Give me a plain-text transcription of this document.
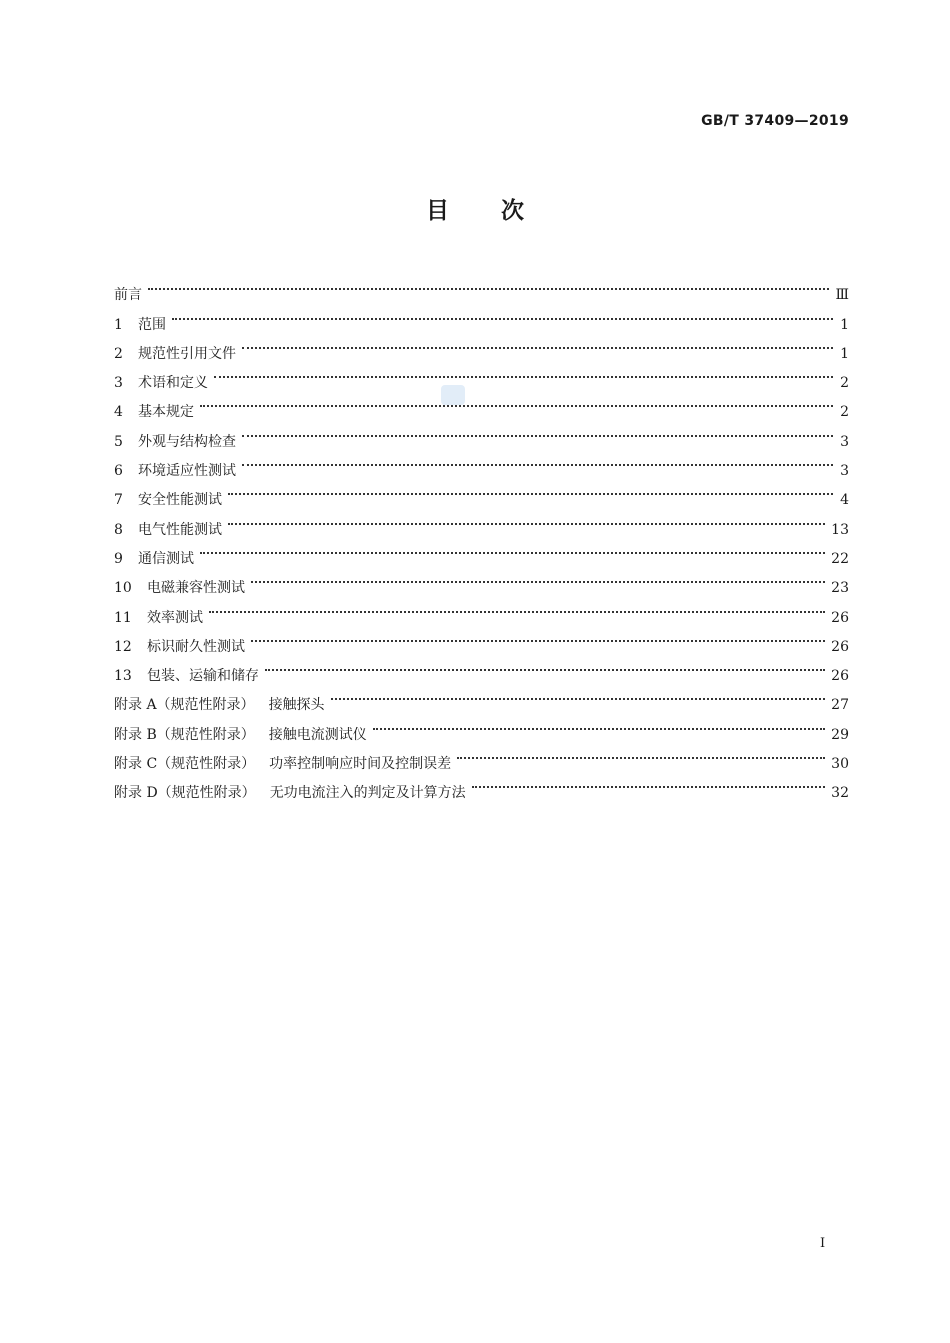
GB/T 37409—2019
目 次
前言	Ⅲ
1	范围	1
2	规范性引用文件	1
3	术语和定义	2
4	基本规定	2
5	外观与结构检查	3
6	环境适应性测试	3
7	安全性能测试	4
8	电气性能测试	13
9	通信测试	22
10	电磁兼容性测试	23
11	效率测试	26
12	标识耐久性测试	26
13	包装、运输和储存	26
附录 A（规范性附录） 接触探头	27
附录 B（规范性附录） 接触电流测试仪	29
附录 C（规范性附录） 功率控制响应时间及控制误差	30
附录 D（规范性附录） 无功电流注入的判定及计算方法	32
I
